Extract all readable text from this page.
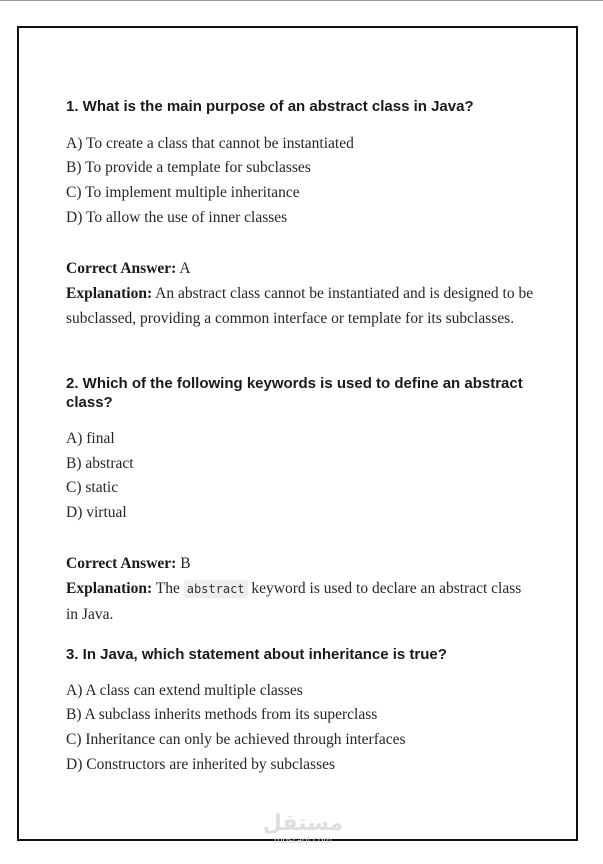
1. What is the main purpose of an abstract class in Java?
A) To create a class that cannot be instantiated
B) To provide a template for subclasses
C) To implement multiple inheritance
D) To allow the use of inner classes
Correct Answer: A
Explanation: An abstract class cannot be instantiated and is designed to be subclassed, providing a common interface or template for its subclasses.
2. Which of the following keywords is used to define an abstract class?
A) final
B) abstract
C) static
D) virtual
Correct Answer: B
Explanation: The abstract keyword is used to declare an abstract class in Java.
3. In Java, which statement about inheritance is true?
A) A class can extend multiple classes
B) A subclass inherits methods from its superclass
C) Inheritance can only be achieved through interfaces
D) Constructors are inherited by subclasses
مستقل
mostaql.com
